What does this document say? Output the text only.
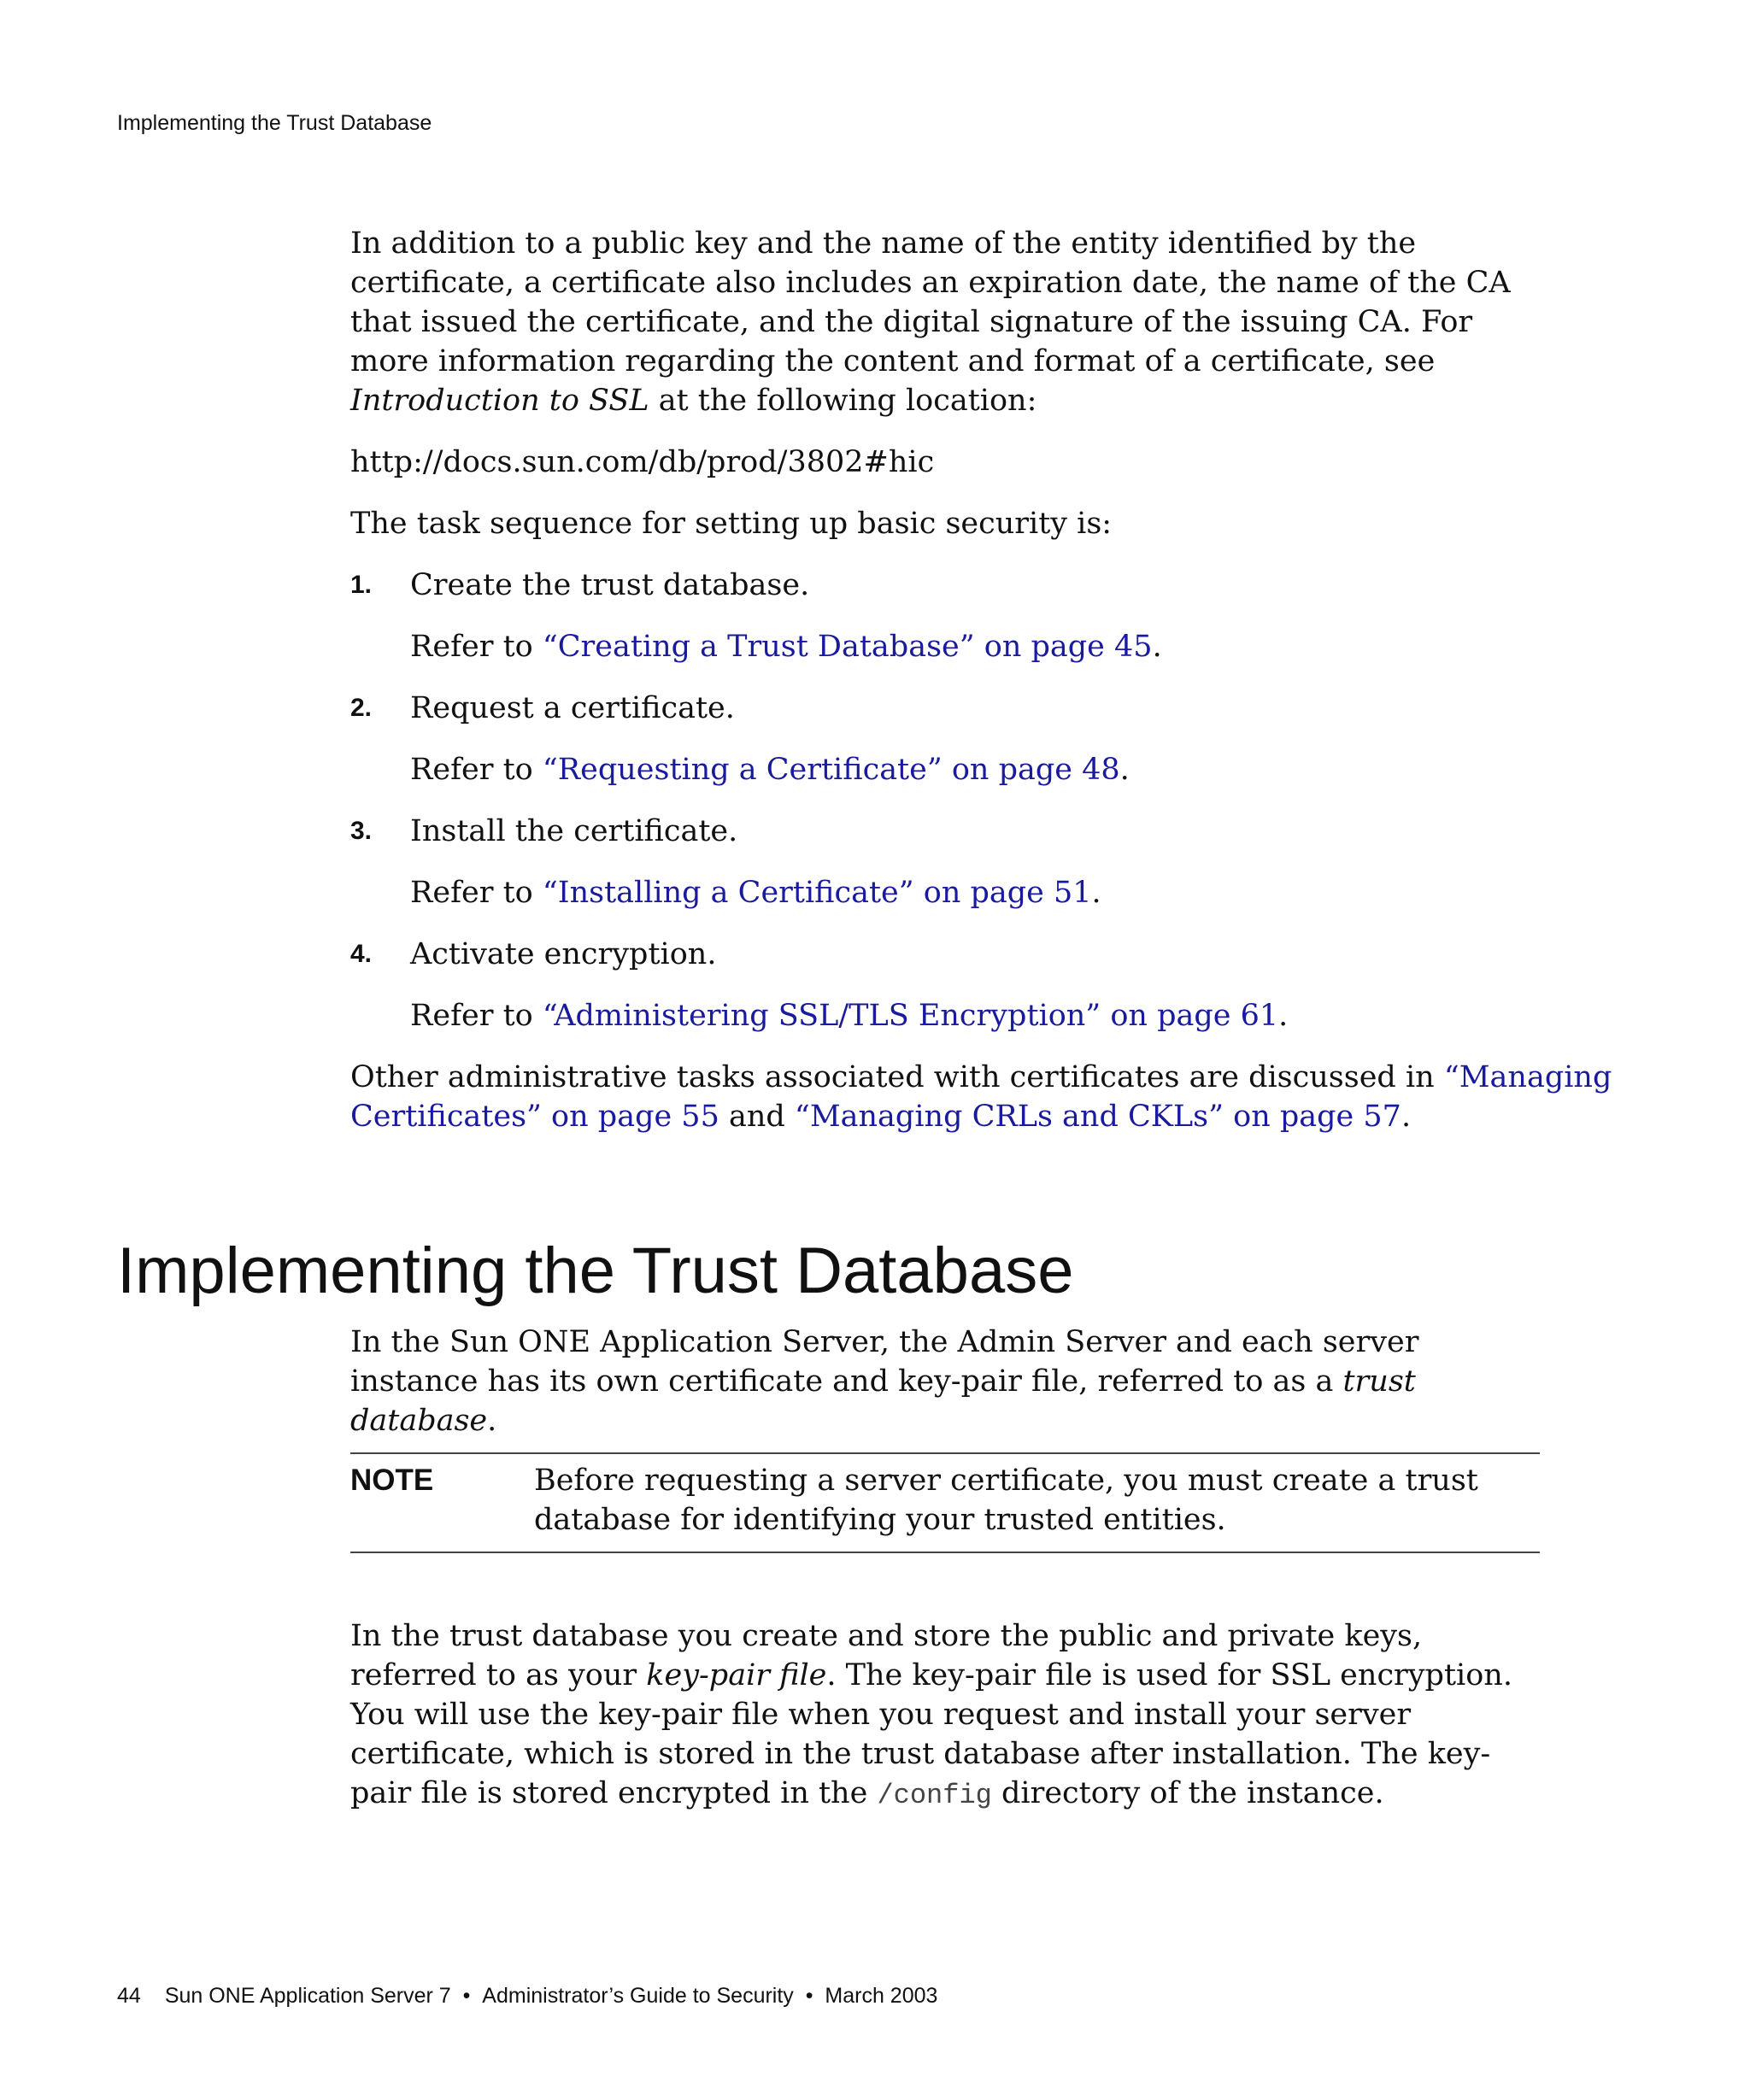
Implementing the Trust Database
In addition to a public key and the name of the entity identified by the certificate, a certificate also includes an expiration date, the name of the CA that issued the certificate, and the digital signature of the issuing CA. For more information regarding the content and format of a certificate, see Introduction to SSL at the following location:
http://docs.sun.com/db/prod/3802#hic
The task sequence for setting up basic security is:
1. Create the trust database.
Refer to “Creating a Trust Database” on page 45.
2. Request a certificate.
Refer to “Requesting a Certificate” on page 48.
3. Install the certificate.
Refer to “Installing a Certificate” on page 51.
4. Activate encryption.
Refer to “Administering SSL/TLS Encryption” on page 61.
Other administrative tasks associated with certificates are discussed in “Managing
Certificates” on page 55 and “Managing CRLs and CKLs” on page 57.
Implementing the Trust Database
In the Sun ONE Application Server, the Admin Server and each server instance has its own certificate and key-pair file, referred to as a trust database.
NOTE	Before requesting a server certificate, you must create a trust database for identifying your trusted entities.
In the trust database you create and store the public and private keys, referred to as your key-pair file. The key-pair file is used for SSL encryption. You will use the key-pair file when you request and install your server certificate, which is stored in the trust database after installation. The key-pair file is stored encrypted in the /config directory of the instance.
44 Sun ONE Application Server 7 • Administrator’s Guide to Security • March 2003
